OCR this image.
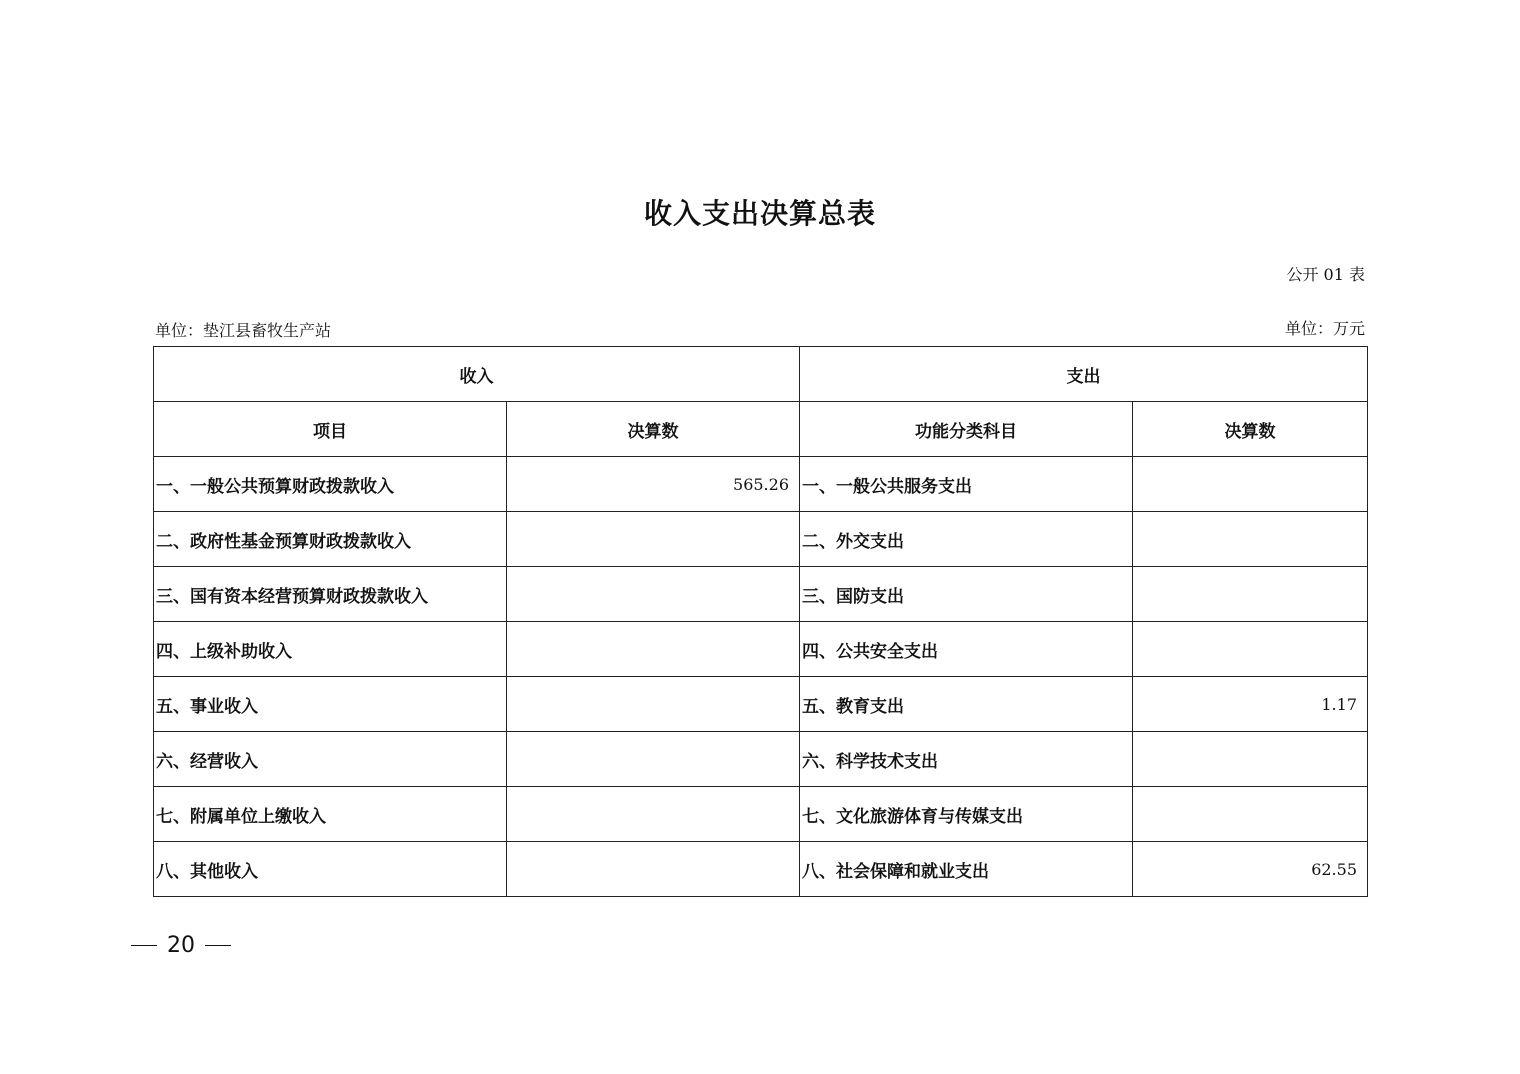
收入支出决算总表
公开 01 表
单位：垫江县畜牧生产站	单位：万元
收入		支出	
项目	决算数	功能分类科目	决算数
一、一般公共预算财政拨款收入	565.26	一、一般公共服务支出	
二、政府性基金预算财政拨款收入		二、外交支出	
三、国有资本经营预算财政拨款收入		三、国防支出	
四、上级补助收入		四、公共安全支出	
五、事业收入		五、教育支出	1.17
六、经营收入		六、科学技术支出	
七、附属单位上缴收入		七、文化旅游体育与传媒支出	
八、其他收入		八、社会保障和就业支出	62.55
20
